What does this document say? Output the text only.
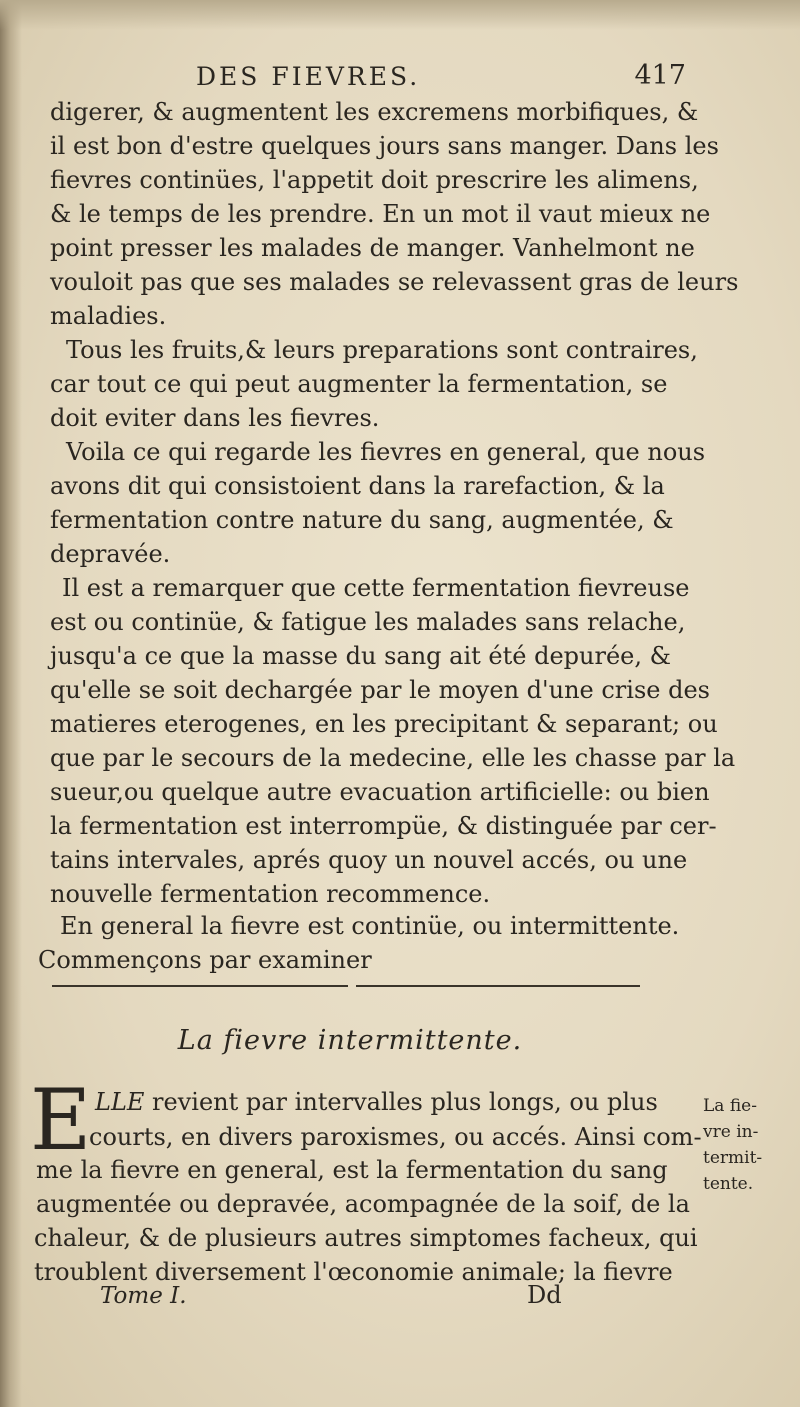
DES FIEVRES.	417
digerer, & augmentent les excremens morbifiques, &
il est bon d'estre quelques jours sans manger. Dans les
fievres continües, l'appetit doit prescrire les alimens,
& le temps de les prendre. En un mot il vaut mieux ne
point presser les malades de manger. Vanhelmont ne
vouloit pas que ses malades se relevassent gras de leurs
maladies.
Tous les fruits,& leurs preparations sont contraires,
car tout ce qui peut augmenter la fermentation, se
doit eviter dans les fievres.
Voila ce qui regarde les fievres en general, que nous
avons dit qui consistoient dans la rarefaction, & la
fermentation contre nature du sang, augmentée, &
depravée.
Il est a remarquer que cette fermentation fievreuse
est ou continüe, & fatigue les malades sans relache,
jusqu'a ce que la masse du sang ait été depurée, &
qu'elle se soit dechargée par le moyen d'une crise des
matieres eterogenes, en les precipitant & separant; ou
que par le secours de la medecine, elle les chasse par la
sueur,ou quelque autre evacuation artificielle: ou bien
la fermentation est interrompüe, & distinguée par cer-
tains intervales, aprés quoy un nouvel accés, ou une
nouvelle fermentation recommence.
En general la fievre est continüe, ou intermittente.
Commençons par examiner
La fievre intermittente.
E LLE revient par intervalles plus longs, ou plus
courts, en divers paroxismes, ou accés. Ainsi com-
me la fievre en general, est la fermentation du sang
augmentée ou depravée, acompagnée de la soif, de la
chaleur, & de plusieurs autres simptomes facheux, qui
troublent diversement l'œconomie animale; la fievre
La fie-
vre in-
termit-
tente.
Tome I.	Dd
